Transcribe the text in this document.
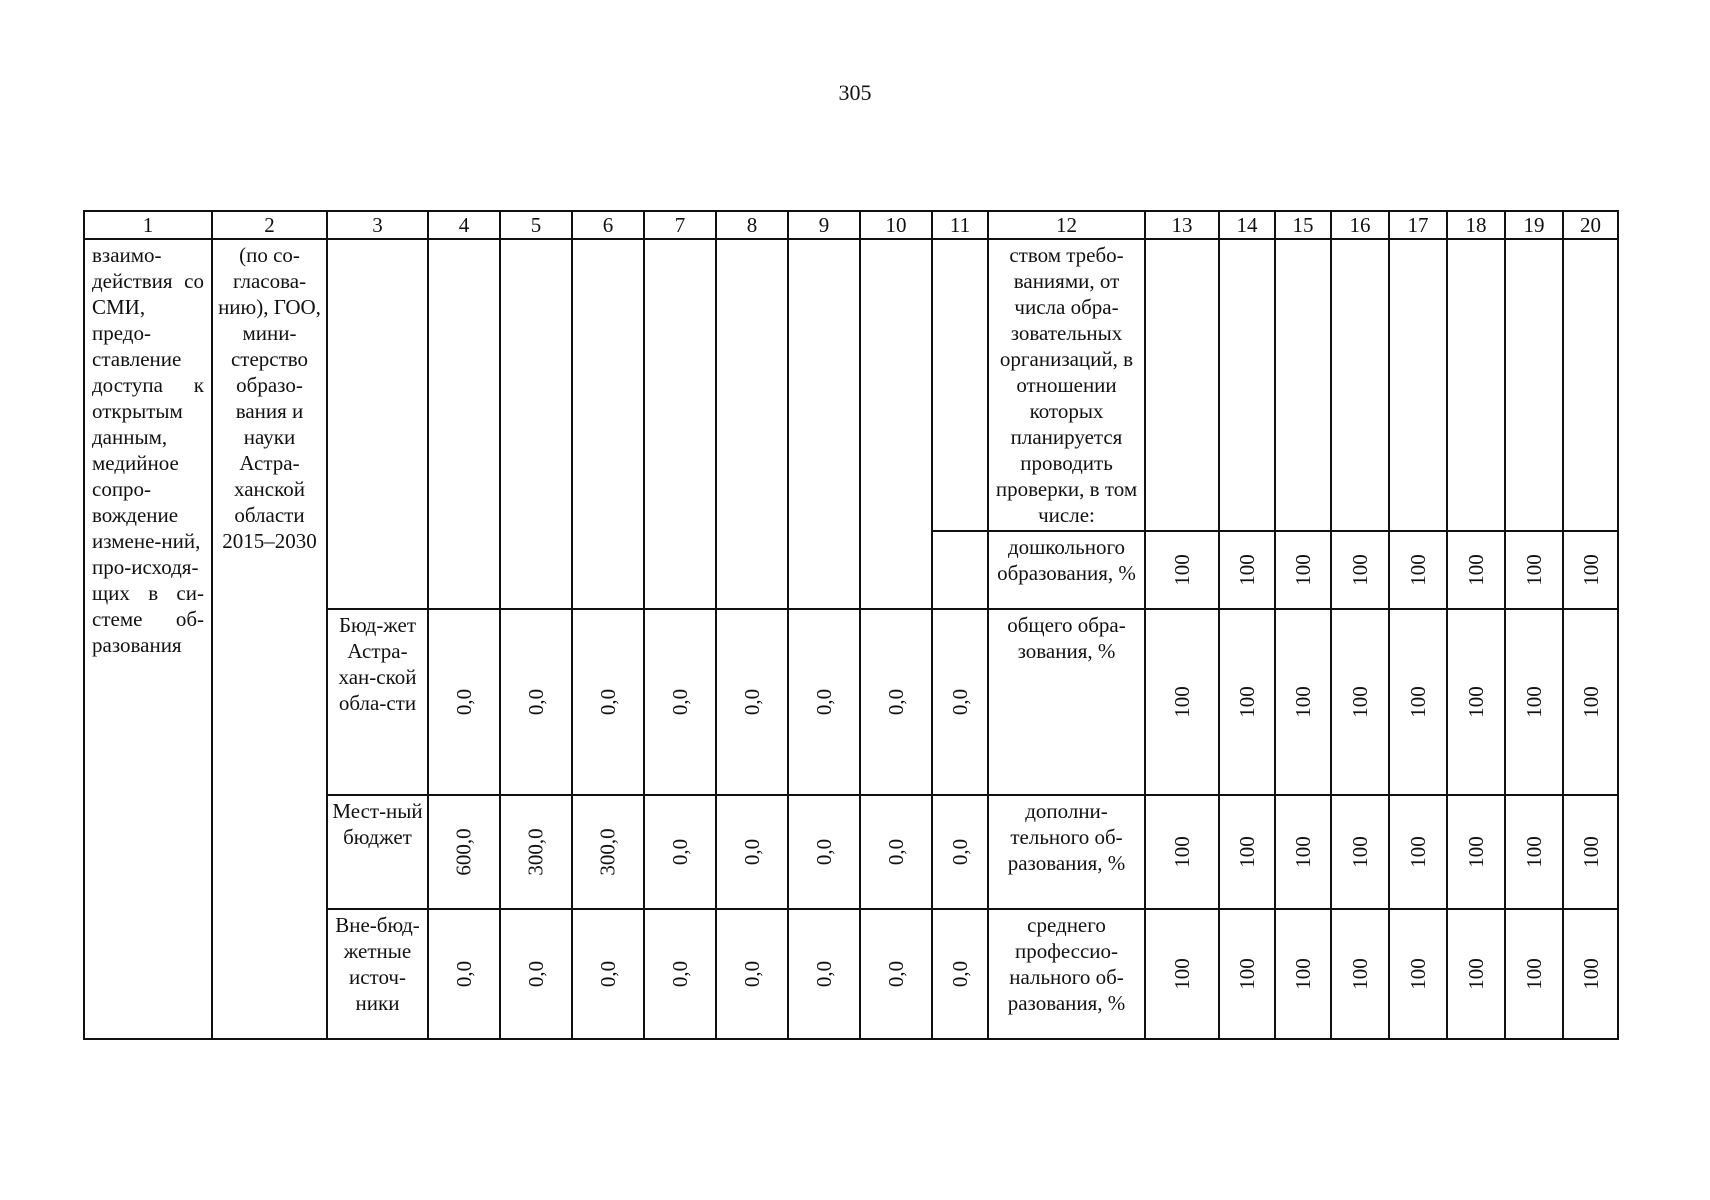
305
1	2	3	4	5	6	7	8	9	10	11	12	13	14	15	16	17	18	19	20
взаимо-действия со СМИ, предо-ставление доступа к открытым данным, медийное сопро-вождение измене-ний, про-исходя-щих в си-стеме об-разования	(по со-гласова-нию), ГОО, мини-стерство образо-вания и науки Астра-ханской области 2015–2030										ством требо-ваниями, от числа обра-зовательных организаций, в отношении которых планируется проводить проверки, в том числе:								
											дошкольного образования, %	100	100	100	100	100	100	100	100
		Бюд-жет Астра-хан-ской обла-сти	0,0	0,0	0,0	0,0	0,0	0,0	0,0	0,0	общего обра-зования, %	100	100	100	100	100	100	100	100
		Мест-ный бюджет	600,0	300,0	300,0	0,0	0,0	0,0	0,0	0,0	дополни-тельного об-разования, %	100	100	100	100	100	100	100	100
		Вне-бюд-жетные источ-ники	0,0	0,0	0,0	0,0	0,0	0,0	0,0	0,0	среднего профессио-нального об-разования, %	100	100	100	100	100	100	100	100
